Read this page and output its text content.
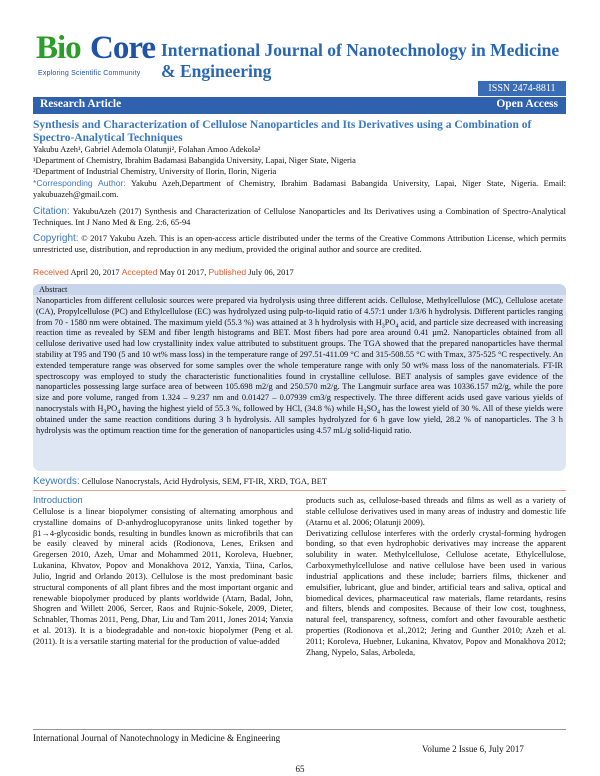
Bio Core
Exploring Scientific Community
International Journal of Nanotechnology in Medicine & Engineering
ISSN 2474-8811
Research Article	Open Access
Synthesis and Characterization of Cellulose Nanoparticles and Its Derivatives using a Combination of Spectro-Analytical Techniques
Yakubu Azeh¹, Gabriel Ademola Olatunji², Folahan Amoo Adekola²
¹Department of Chemistry, Ibrahim Badamasi Babangida University, Lapai, Niger State, Nigeria
²Department of Industrial Chemistry, University of Ilorin, Ilorin, Nigeria
*Corresponding Author: Yakubu Azeh,Department of Chemistry, Ibrahim Badamasi Babangida University, Lapai, Niger State, Nigeria. Email: yakubuazeh@gmail.com.
Citation: YakubuAzeh (2017) Synthesis and Characterization of Cellulose Nanoparticles and Its Derivatives using a Combination of Spectro-Analytical Techniques. Int J Nano Med & Eng. 2:6, 65-94
Copyright: © 2017 Yakubu Azeh. This is an open-access article distributed under the terms of the Creative Commons Attribution License, which permits unrestricted use, distribution, and reproduction in any medium, provided the original author and source are credited.
Received April 20, 2017 Accepted May 01 2017, Published July 06, 2017
Abstract
Nanoparticles from different cellulosic sources were prepared via hydrolysis using three different acids. Cellulose, Methylcellulose (MC), Cellulose acetate (CA), Propylcellulose (PC) and Ethylcellulose (EC) was hydrolyzed using pulp-to-liquid ratio of 4.57:1 under 1/3/6 h hydrolysis. Different particles ranging from 70 - 1580 nm were obtained. The maximum yield (55.3 %) was attained at 3 h hydrolysis with $H_3PO_4$ acid, and particle size decreased with increasing reaction time as revealed by SEM and fiber length histograms and BET. Most fibers had pore area around 0.41 µm2. Nanoparticles obtained from all cellulose derivative used had low crystallinity index value attributed to substituent groups. The TGA showed that the prepared nanoparticles have thermal stability at T95 and T90 (5 and 10 wt% mass loss) in the temperature range of 297.51-411.09 °C and 315-508.55 °C with Tmax, 375-525 °C respectively. An extended temperature range was observed for some samples over the whole temperature range with only 50 wt% mass loss of the nanomaterials. FT-IR spectroscopy was employed to study the characteristic functionalities found in crystalline cellulose. BET analysis of samples gave evidence of the nanoparticles possessing large surface area of between 105.698 m2/g and 250.570 m2/g. The Langmuir surface area was 10336.157 m2/g, while the pore size and pore volume, ranged from 1.324 – 9.237 nm and 0.01427 – 0.07939 cm3/g respectively. The three different acids used gave various yields of nanocrystals with $H_3PO_4$ having the highest yield of 55.3 %, followed by HCl, (34.8 %) while $H_2SO_4$ has the lowest yield of 30 %. All of these yields were obtained under the same reaction conditions during 3 h hydrolysis. All samples hydrolyzed for 6 h gave low yield, 28.2 % of nanoparticles. The 3 h hydrolysis was the optimum reaction time for the generation of nanoparticles using 4.57 mL/g solid-liquid ratio.
Keywords: Cellulose Nanocrystals, Acid Hydrolysis, SEM, FT-IR, XRD, TGA, BET
Introduction
Cellulose is a linear biopolymer consisting of alternating amorphous and crystalline domains of D-anhydroglucopyranose units linked together by β1→4-glycosidic bonds, resulting in bundles known as microfibrils that can be easily cleaved by mineral acids (Rodionova, Lenes, Eriksen and Gregersen 2010, Azeh, Umar and Mohammed 2011, Koroleva, Huebner, Lukanina, Khvatov, Popov and Monakhova 2012, Yanxia, Tiina, Carlos, Julio, Ingrid and Orlando 2013). Cellulose is the most predominant basic structural components of all plant fibres and the most important organic and renewable biopolymer produced by plants worldwide (Atarn, Badal, John, Shogren and Willett 2006, Sercer, Raos and Rujnic-Sokele, 2009, Dieter, Schnabler, Thomas 2011, Peng, Dhar, Liu and Tam 2011, Jones 2014; Yanxia et al. 2013). It is a biodegradable and non-toxic biopolymer (Peng et al. (2011). It is a versatile starting material for the production of value-added
products such as, cellulose-based threads and films as well as a variety of stable cellulose derivatives used in many areas of industry and domestic life (Atarnu et al. 2006; Olatunji 2009).
Derivatizing cellulose interferes with the orderly crystal-forming hydrogen bonding, so that even hydrophobic derivatives may increase the apparent solubility in water. Methylcellulose, Cellulose acetate, Ethylcellulose, Carboxymethylcellulose and native cellulose have been used in various industrial applications and these include; barriers films, thickener and emulsifier, lubricant, glue and binder, artificial tears and saliva, optical and biomedical devices, pharmaceutical raw materials, flame retardants, resins and filters, blends and composites. Because of their low cost, toughness, natural feel, transparency, softness, comfort and other favourable aesthetic properties (Rodionova et al.,2012; Jering and Gunther 2010; Azeh et al. 2011; Koroleva, Huebner, Lukanina, Khvatov, Popov and Monakhova 2012; Zhang, Nypelo, Salas, Arboleda,
International Journal of Nanotechnology in Medicine & Engineering
Volume 2 Issue 6, July 2017
65
